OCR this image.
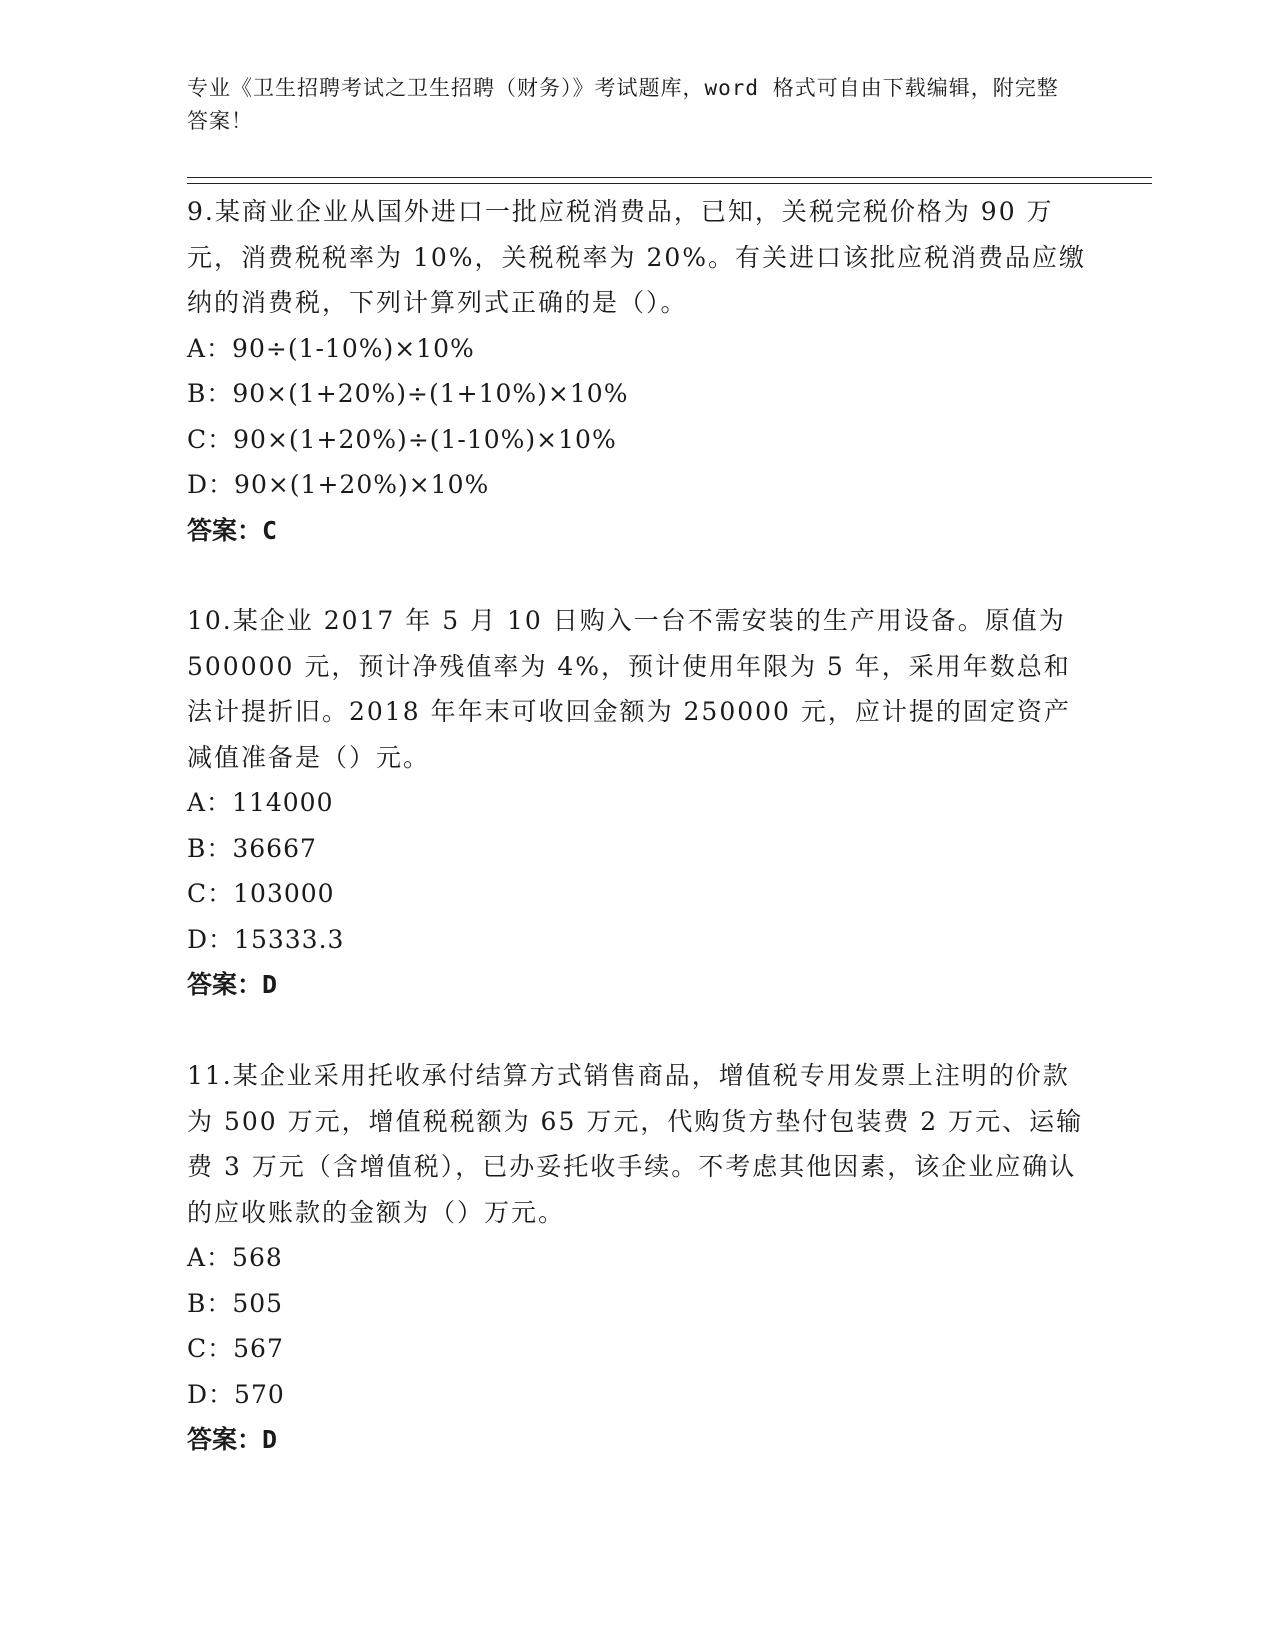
专业《卫生招聘考试之卫生招聘（财务）》考试题库，word 格式可自由下载编辑，附完整答案！

9.某商业企业从国外进口一批应税消费品，已知，关税完税价格为 90 万元，消费税税率为 10%，关税税率为 20%。有关进口该批应税消费品应缴纳的消费税，下列计算列式正确的是（）。

A：90÷(1-10%)×10%

B：90×(1+20%)÷(1+10%)×10%

C：90×(1+20%)÷(1-10%)×10%

D：90×(1+20%)×10%

答案：C

10.某企业 2017 年 5 月 10 日购入一台不需安装的生产用设备。原值为 500000 元，预计净残值率为 4%，预计使用年限为 5 年，采用年数总和法计提折旧。2018 年年末可收回金额为 250000 元，应计提的固定资产减值准备是（）元。

A：114000

B：36667

C：103000

D：15333.3

答案：D

11.某企业采用托收承付结算方式销售商品，增值税专用发票上注明的价款为 500 万元，增值税税额为 65 万元，代购货方垫付包装费 2 万元、运输费 3 万元（含增值税），已办妥托收手续。不考虑其他因素，该企业应确认的应收账款的金额为（）万元。

A：568

B：505

C：567

D：570

答案：D
